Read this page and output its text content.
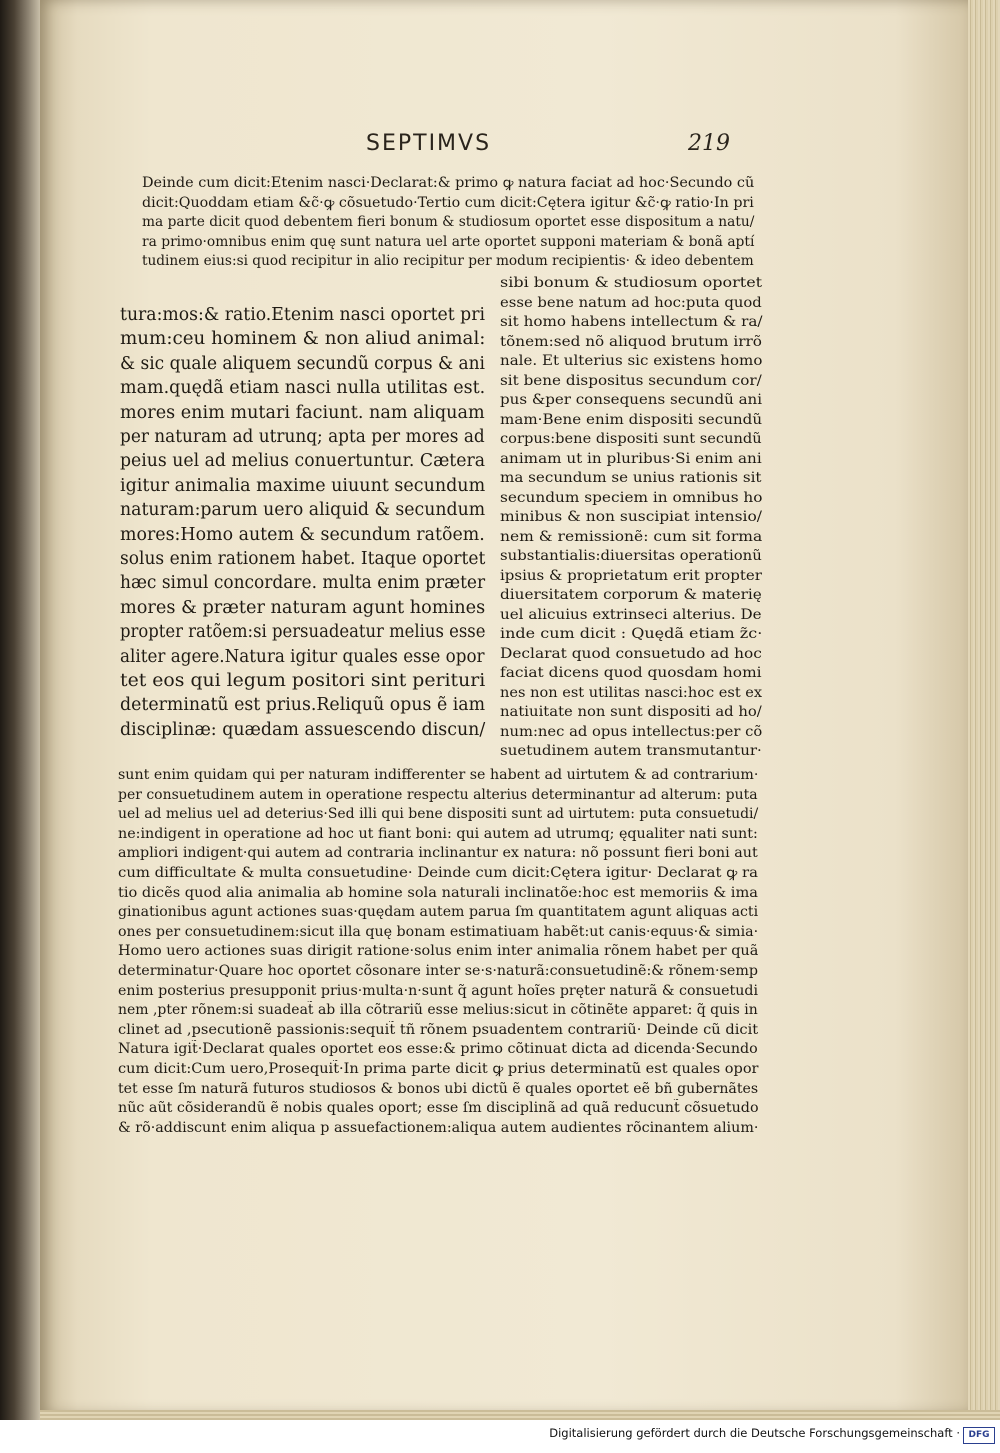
SEPTIMVS	219
Deinde cum dicit:Etenim nasci·Declarat:& primo ꝙ natura faciat ad hoc·Secundo cũ
dicit:Quoddam etiam &c̃·ꝙ cõsuetudo·Tertio cum dicit:Cętera igitur &c̃·ꝙ ratio·In pri
ma parte dicit quod debentem fieri bonum & studiosum oportet esse dispositum a natu/
ra primo·omnibus enim quę sunt natura uel arte oportet supponi materiam & bonã aptí
tudinem eius:si quod recipitur in alio recipitur per modum recipientis· & ideo debentem
tura:mos:& ratio.Etenim nasci oportet pri
mum:ceu hominem & non aliud animal:
& sic quale aliquem secundũ corpus & ani
mam.quędã etiam nasci nulla utilitas est.
mores enim mutari faciunt. nam aliquam
per naturam ad utrunq; apta per mores ad
peius uel ad melius conuertuntur. Cætera
igitur animalia maxime uiuunt secundum
naturam:parum uero aliquid & secundum
mores:Homo autem & secundum ratõem.
solus enim rationem habet. Itaque oportet
hæc simul concordare. multa enim præter
mores & præter naturam agunt homines
propter ratõem:si persuadeatur melius esse
aliter agere.Natura igitur quales esse opor
tet eos qui legum positori sint perituri
determinatũ est prius.Reliquũ opus ẽ iam
disciplinæ: quædam assuescendo discun/
sibi bonum & studiosum oportet
esse bene natum ad hoc:puta quod
sit homo habens intellectum & ra/
tõnem:sed nõ aliquod brutum irrõ
nale. Et ulterius sic existens homo
sit bene dispositus secundum cor/
pus &per consequens secundũ ani
mam·Bene enim dispositi secundũ
corpus:bene dispositi sunt secundũ
animam ut in pluribus·Si enim ani
ma secundum se unius rationis sit
secundum speciem in omnibus ho
minibus & non suscipiat intensio/
nem & remissionẽ: cum sit forma
substantialis:diuersitas operationũ
ipsius & proprietatum erit propter
diuersitatem corporum & materię
uel alicuius extrinseci alterius. De
inde cum dicit : Quędã etiam z̃c·
Declarat quod consuetudo ad hoc
faciat dicens quod quosdam homi
nes non est utilitas nasci:hoc est ex
natiuitate non sunt dispositi ad ho/
num:nec ad opus intellectus:per cõ
suetudinem autem transmutantur·
sunt enim quidam qui per naturam indifferenter se habent ad uirtutem & ad contrarium·
per consuetudinem autem in operatione respectu alterius determinantur ad alterum: puta
uel ad melius uel ad deterius·Sed illi qui bene dispositi sunt ad uirtutem: puta consuetudi/
ne:indigent in operatione ad hoc ut fiant boni: qui autem ad utrumq; ęqualiter nati sunt:
ampliori indigent·qui autem ad contraria inclinantur ex natura: nõ possunt fieri boni aut
cum difficultate & multa consuetudine· Deinde cum dicit:Cętera igitur· Declarat ꝙ ra
tio dicẽs quod alia animalia ab homine sola naturali inclinatõe:hoc est memoriis & ima
ginationibus agunt actiones suas·quędam autem parua ſm quantitatem agunt aliquas acti
ones per consuetudinem:sicut illa quę bonam estimatiuam habẽt:ut canis·equus·& simia·
Homo uero actiones suas dirigit ratione·solus enim inter animalia rõnem habet per quã
determinatur·Quare hoc oportet cõsonare inter se·s·naturã:consuetudinẽ:& rõnem·semp
enim posterius presupponit prius·multa·n·sunt q̃ agunt hoĩes pręter naturã & consuetudi
nem ,pter rõnem:si suadeat̃ ab illa cõtrariũ esse melius:sicut in cõtinẽte apparet: q̃ quis in
clinet ad ,psecutionẽ passionis:sequit̃ tñ rõnem psuadentem contrariũ· Deinde cũ dicit
Natura igit̃·Declarat quales oportet eos esse:& primo cõtinuat dicta ad dicenda·Secundo
cum dicit:Cum uero,Prosequit̃·In prima parte dicit ꝙ prius determinatũ est quales opor
tet esse ſm naturã futuros studiosos & bonos ubi dictũ ẽ quales oportet eẽ bñ gubernãtes
nũc aũt cõsiderandũ ẽ nobis quales oport; esse ſm disciplinã ad quã reducunt̃ cõsuetudo
& rõ·addiscunt enim aliqua p assuefactionem:aliqua autem audientes rõcinantem alium·
Digitalisierung gefördert durch die Deutsche Forschungsgemeinschaft · DFG
